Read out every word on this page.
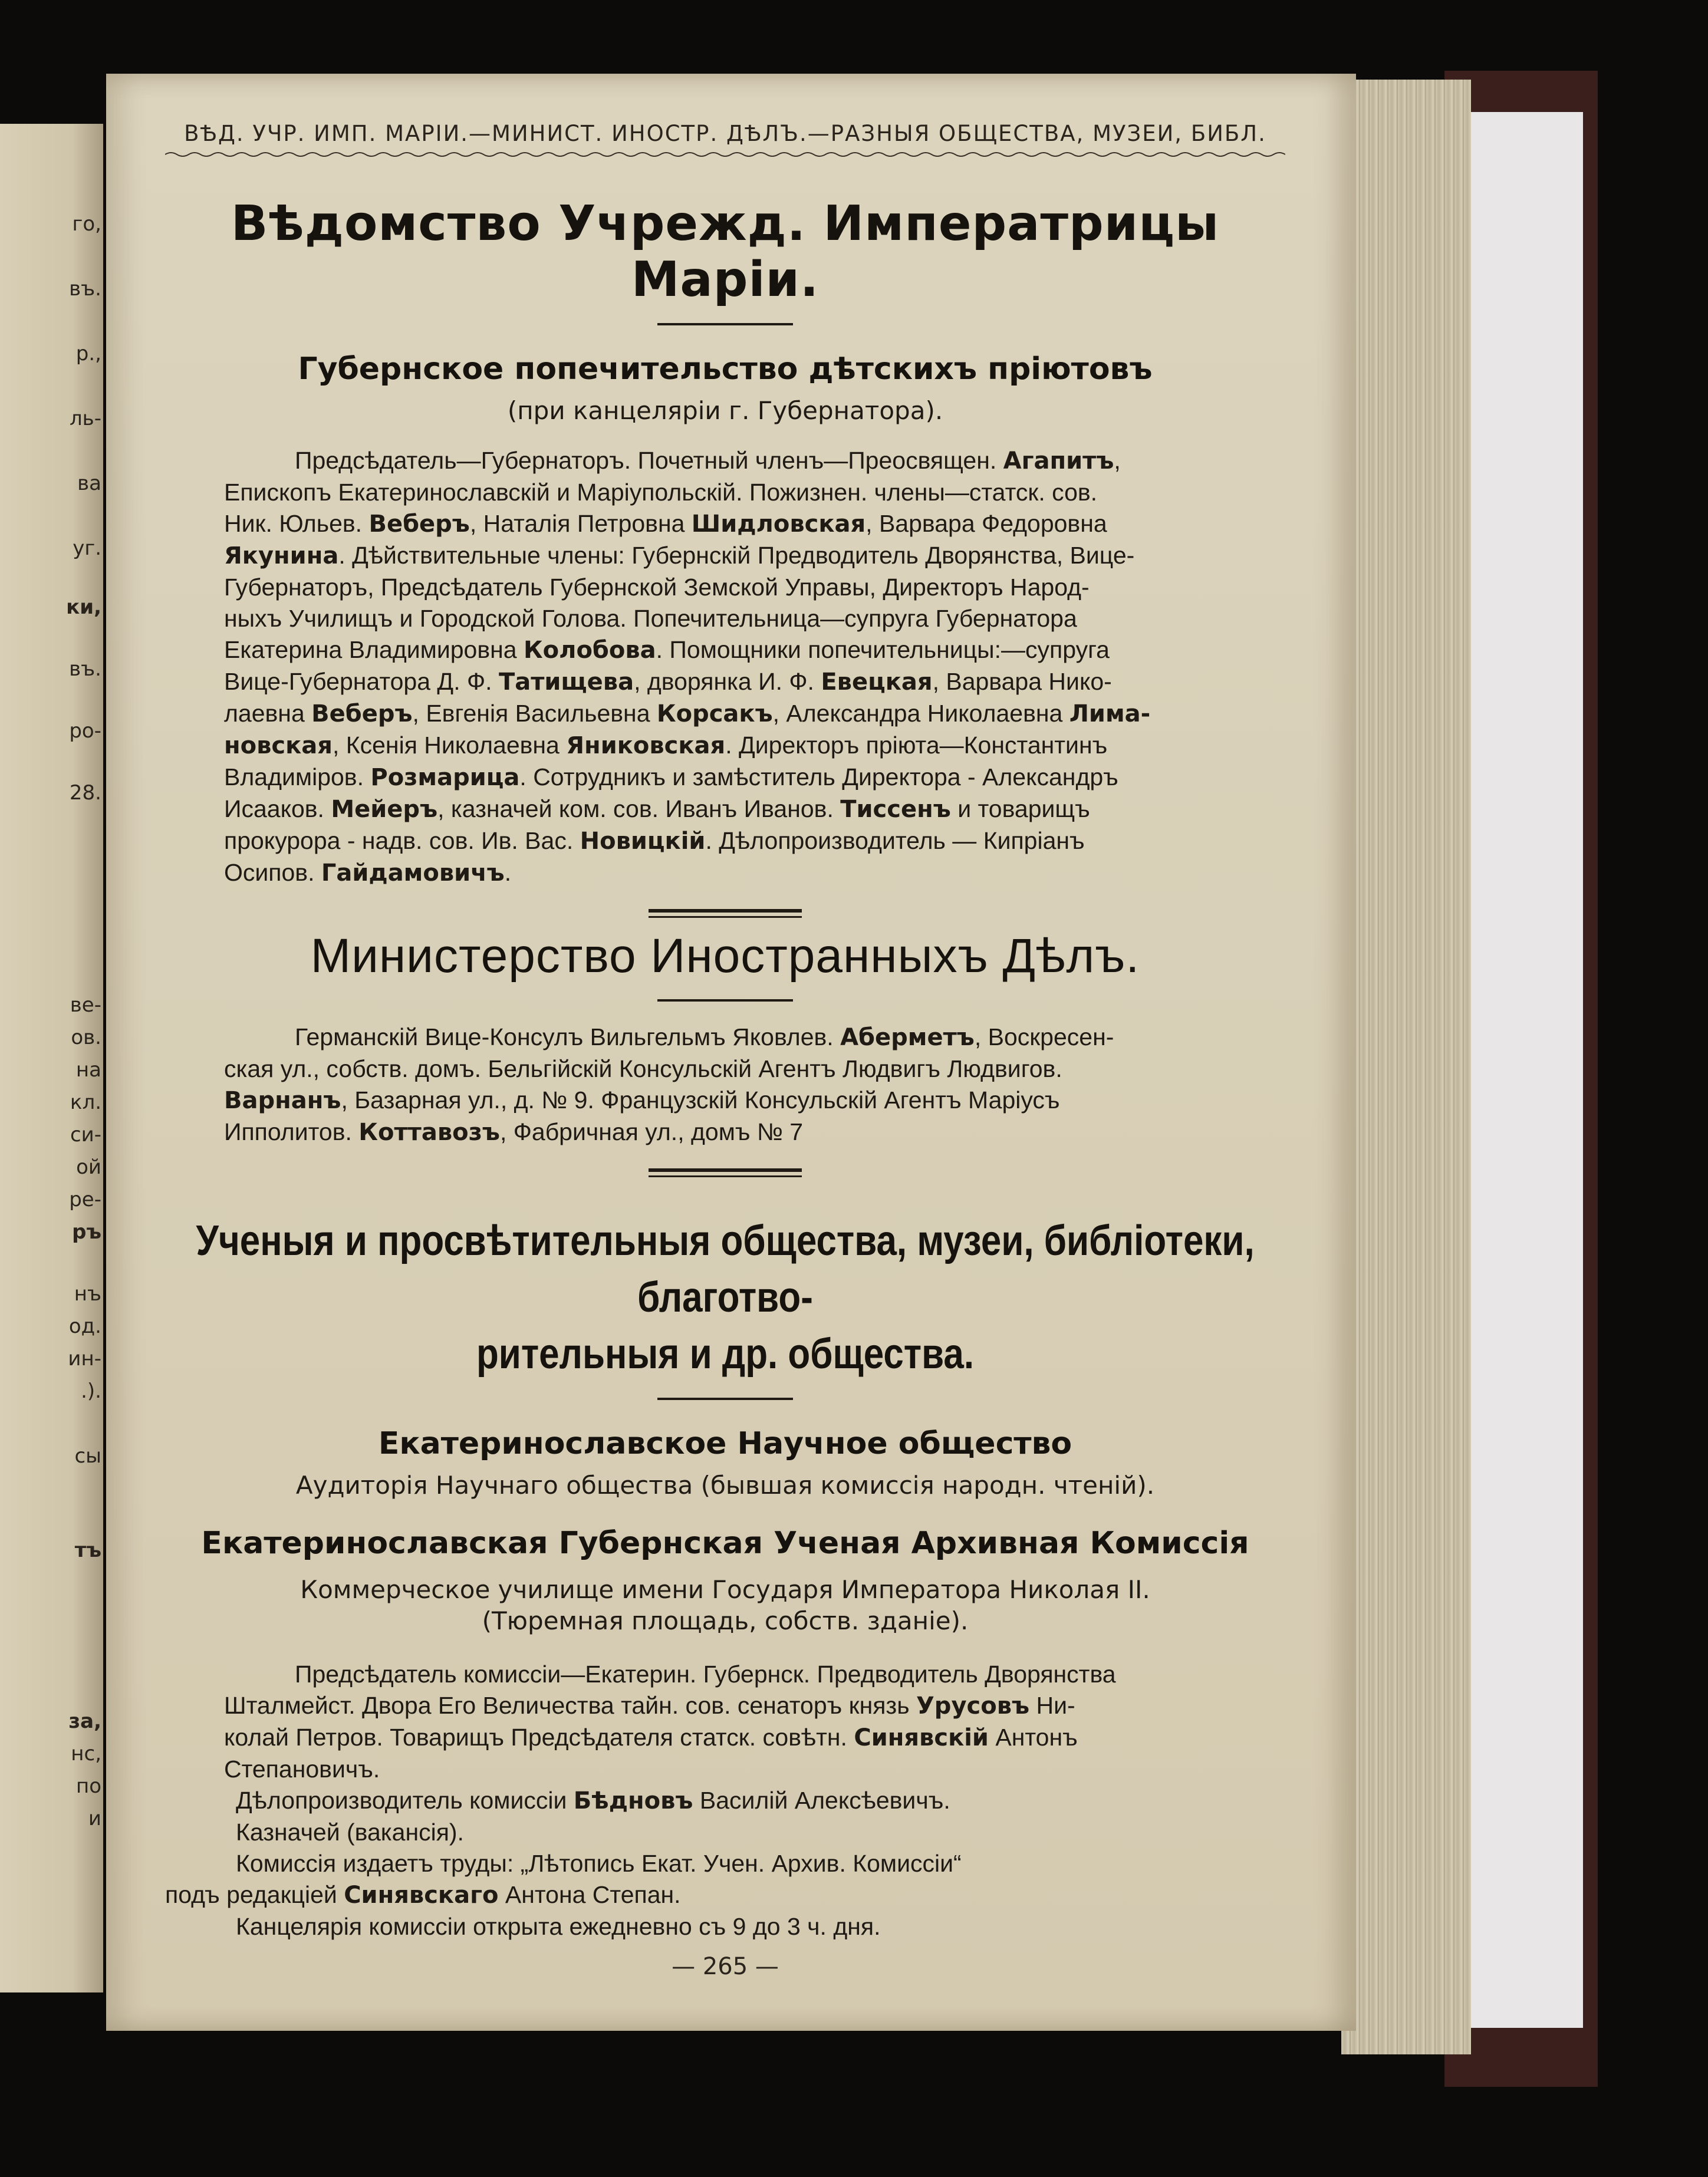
го,
въ.
р.,
ль-
ва
уг.
ки,
въ.
ро-
28.
ве-
ов.
на
кл.
си-
ой
ре-
ръ
нъ
од.
ин-
.).
сы
тъ
за,
нс,
по
и
ВѢД. УЧР. ИМП. МАРІИ.—МИНИСТ. ИНОСТР. ДѢЛЪ.—РАЗНЫЯ ОБЩЕСТВА, МУЗЕИ, БИБЛ.
Вѣдомство Учрежд. Императрицы Маріи.
Губернское попечительство дѣтскихъ пріютовъ
(при канцеляріи г. Губернатора).
Предсѣдатель—Губернаторъ. Почетный членъ—Преосвящен. Агапитъ,
Епископъ Екатеринославскій и Маріупольскій. Пожизнен. члены—статск. сов.
Ник. Юльев. Веберъ, Наталія Петровна Шидловская, Варвара Федоровна
Якунина. Дѣйствительные члены: Губернскій Предводитель Дворянства, Вице-
Губернаторъ, Предсѣдатель Губернской Земской Управы, Директоръ Народ-
ныхъ Училищъ и Городской Голова. Попечительница—супруга Губернатора
Екатерина Владимировна Колобова. Помощники попечительницы:—супруга
Вице-Губернатора Д. Ф. Татищева, дворянка И. Ф. Евецкая, Варвара Нико-
лаевна Веберъ, Евгенія Васильевна Корсакъ, Александра Николаевна Лима-
новская, Ксенія Николаевна Яниковская. Директоръ пріюта—Константинъ
Владиміров. Розмарица. Сотрудникъ и замѣститель Директора - Александръ
Исааков. Мейеръ, казначей ком. сов. Иванъ Иванов. Тиссенъ и товарищъ
прокурора - надв. сов. Ив. Вас. Новицкій. Дѣлопроизводитель — Кипріанъ
Осипов. Гайдамовичъ.
Министерство Иностранныхъ Дѣлъ.
Германскій Вице-Консулъ Вильгельмъ Яковлев. Аберметъ, Воскресен-
ская ул., собств. домъ. Бельгійскій Консульскій Агентъ Людвигъ Людвигов.
Варнанъ, Базарная ул., д. № 9. Французскій Консульскій Агентъ Маріусъ
Ипполитов. Коттавозъ, Фабричная ул., домъ № 7
Ученыя и просвѣтительныя общества, музеи, библіотеки, благотво-
рительныя и др. общества.
Екатеринославское Научное общество
Аудиторія Научнаго общества (бывшая комиссія народн. чтеній).
Екатеринославская Губернская Ученая Архивная Комиссія
Коммерческое училище имени Государя Императора Николая II.
(Тюремная площадь, собств. зданіе).
Предсѣдатель комиссіи—Екатерин. Губернск. Предводитель Дворянства
Шталмейст. Двора Его Величества тайн. сов. сенаторъ князь Урусовъ Ни-
колай Петров. Товарищъ Предсѣдателя статск. совѣтн. Синявскій Антонъ
Степановичъ.
Дѣлопроизводитель комиссіи Бѣдновъ Василій Алексѣевичъ.
Казначей (вакансія).
Комиссія издаетъ труды: „Лѣтопись Екат. Учен. Архив. Комиссіи“
подъ редакціей Синявскаго Антона Степан.
Канцелярія комиссіи открыта ежедневно съ 9 до 3 ч. дня.
— 265 —
